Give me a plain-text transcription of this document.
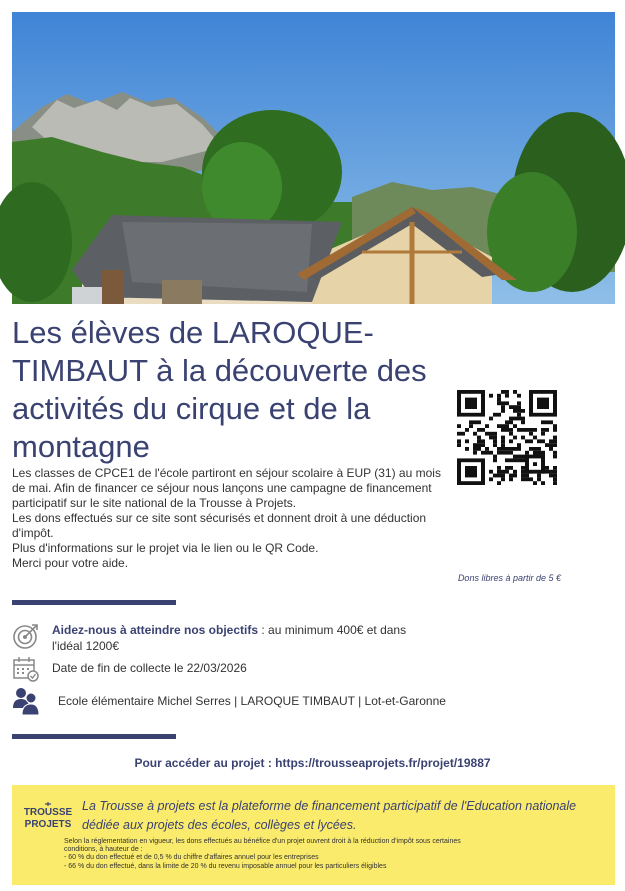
Les élèves de LAROQUE-TIMBAUT à la découverte des activités du cirque et de la montagne

Les classes de CPCE1 de l'école partiront en séjour scolaire à EUP (31) au mois de mai. Afin de financer ce séjour nous lançons une campagne de financement participatif sur le site national de la Trousse à Projets.

Les dons effectués sur ce site sont sécurisés et donnent droit à une déduction d'impôt.

Plus d'informations sur le projet via le lien ou le QR Code.

Merci pour votre aide.

Dons libres à partir de 5 €
Aidez-nous à atteindre nos objectifs : au minimum 400€ et dans l'idéal 1200€
Date de fin de collecte le 22/03/2026
Ecole élémentaire Michel Serres | LAROQUE TIMBAUT | Lot-et-Garonne
Pour accéder au projet : https://trousseaprojets.fr/projet/19887
TROUSSE
PROJETS
La Trousse à projets est la plateforme de financement participatif de l'Education nationale dédiée aux projets des écoles, collèges et lycées.
Selon la réglementation en vigueur, les dons effectués au bénéfice d'un projet ouvrent droit à la réduction d'impôt sous certaines
conditions, à hauteur de :
- 60 % du don effectué et de 0,5 % du chiffre d'affaires annuel pour les entreprises
- 66 % du don effectué, dans la limite de 20 % du revenu imposable annuel pour les particuliers éligibles
